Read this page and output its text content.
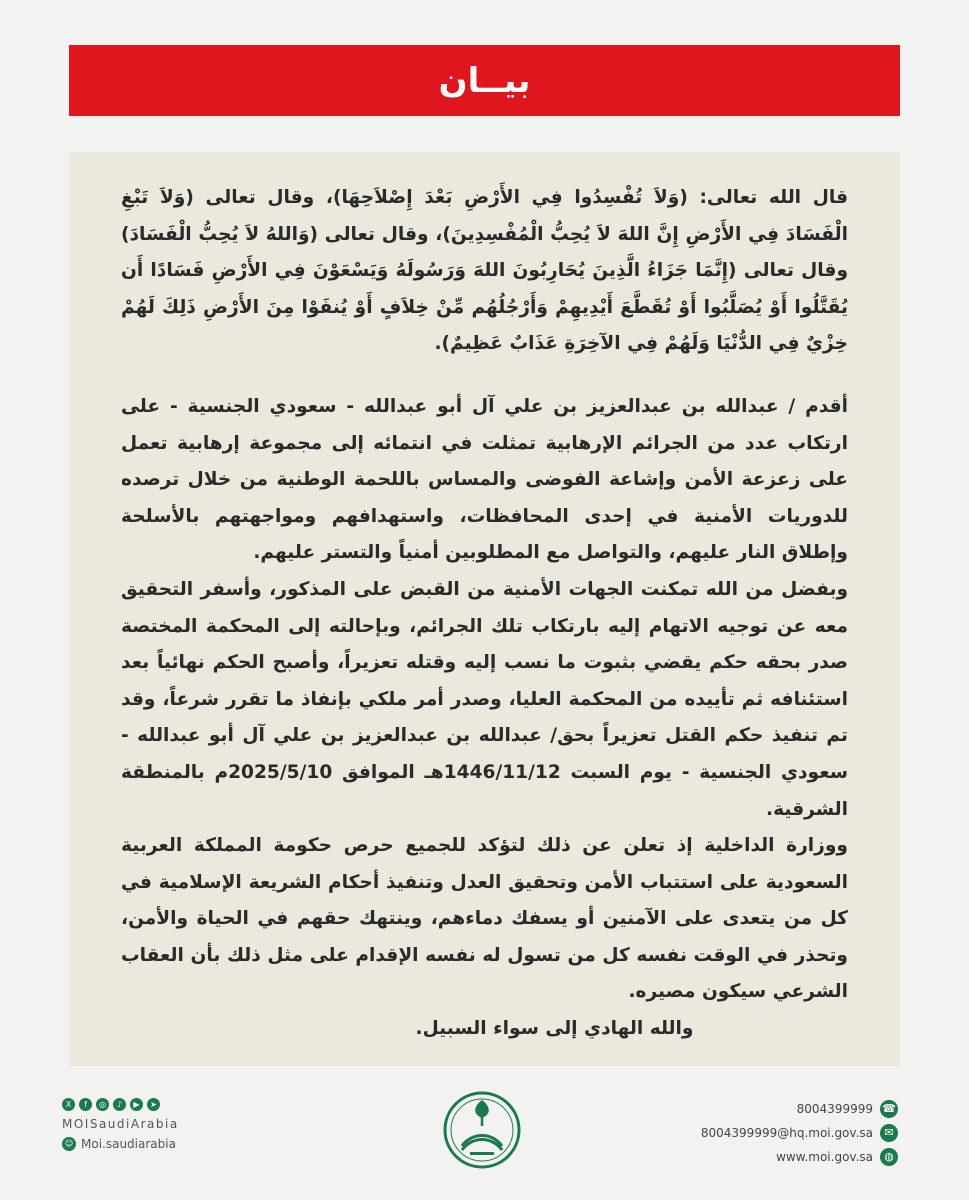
بيــان

قال الله تعالى: (وَلاَ تُفْسِدُوا فِي الأَرْضِ بَعْدَ إِصْلاَحِهَا)، وقال تعالى (وَلاَ تَبْغِ الْفَسَادَ فِي الأَرْضِ إِنَّ اللهَ لاَ يُحِبُّ الْمُفْسِدِينَ)، وقال تعالى (وَاللهُ لاَ يُحِبُّ الْفَسَادَ) وقال تعالى (إِنَّمَا جَزَاءُ الَّذِينَ يُحَارِبُونَ اللهَ وَرَسُولَهُ وَيَسْعَوْنَ فِي الأَرْضِ فَسَادًا أَن يُقَتَّلُوا أَوْ يُصَلَّبُوا أَوْ تُقَطَّعَ أَيْدِيهِمْ وَأَرْجُلُهُم مِّنْ خِلاَفٍ أَوْ يُنفَوْا مِنَ الأَرْضِ ذَلِكَ لَهُمْ خِزْيٌ فِي الدُّنْيَا وَلَهُمْ فِي الآخِرَةِ عَذَابٌ عَظِيمٌ).

أقدم / عبدالله بن عبدالعزيز بن علي آل أبو عبدالله - سعودي الجنسية - على ارتكاب عدد من الجرائم الإرهابية تمثلت في انتمائه إلى مجموعة إرهابية تعمل على زعزعة الأمن وإشاعة الفوضى والمساس باللحمة الوطنية من خلال ترصده للدوريات الأمنية في إحدى المحافظات، واستهدافهم ومواجهتهم بالأسلحة وإطلاق النار عليهم، والتواصل مع المطلوبين أمنياً والتستر عليهم.

وبفضل من الله تمكنت الجهات الأمنية من القبض على المذكور، وأسفر التحقيق معه عن توجيه الاتهام إليه بارتكاب تلك الجرائم، وبإحالته إلى المحكمة المختصة صدر بحقه حكم يقضي بثبوت ما نسب إليه وقتله تعزيراً، وأصبح الحكم نهائياً بعد استئنافه ثم تأييده من المحكمة العليا، وصدر أمر ملكي بإنفاذ ما تقرر شرعاً، وقد تم تنفيذ حكم القتل تعزيراً بحق/ عبدالله بن عبدالعزيز بن علي آل أبو عبدالله - سعودي الجنسية - يوم السبت 1446/11/12هـ الموافق 2025/5/10م بالمنطقة الشرقية.

ووزارة الداخلية إذ تعلن عن ذلك لتؤكد للجميع حرص حكومة المملكة العربية السعودية على استتباب الأمن وتحقيق العدل وتنفيذ أحكام الشريعة الإسلامية في كل من يتعدى على الآمنين أو يسفك دماءهم، وينتهك حقهم في الحياة والأمن، وتحذر في الوقت نفسه كل من تسول له نفسه الإقدام على مثل ذلك بأن العقاب الشرعي سيكون مصيره.

والله الهادي إلى سواء السبيل.

X	f	◎	♪	▶	➤
MOISaudiArabia
☺ Moi.saudiarabia
8004399999 ☎
8004399999@hq.moi.gov.sa	✉
www.moi.gov.sa	◍
